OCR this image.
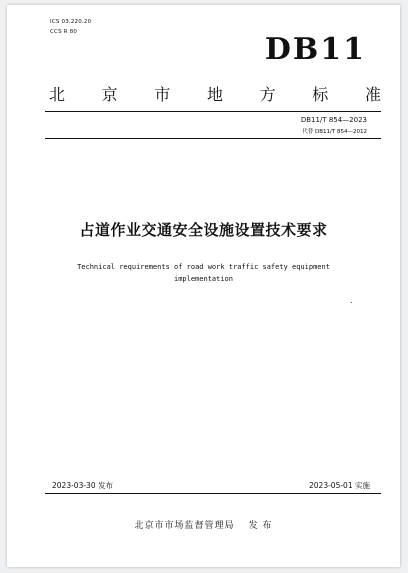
ICS 03.220.20
CCS R 80	DB11
北 京 市 地 方 标 准
DB11/T 854—2023
代替 DB11/T 854—2012
占道作业交通安全设施设置技术要求
Technical requirements of road work traffic safety equipment
implementation
.
2023-03-30 发布	2023-05-01 实施
北京市市场监督管理局 发 布
